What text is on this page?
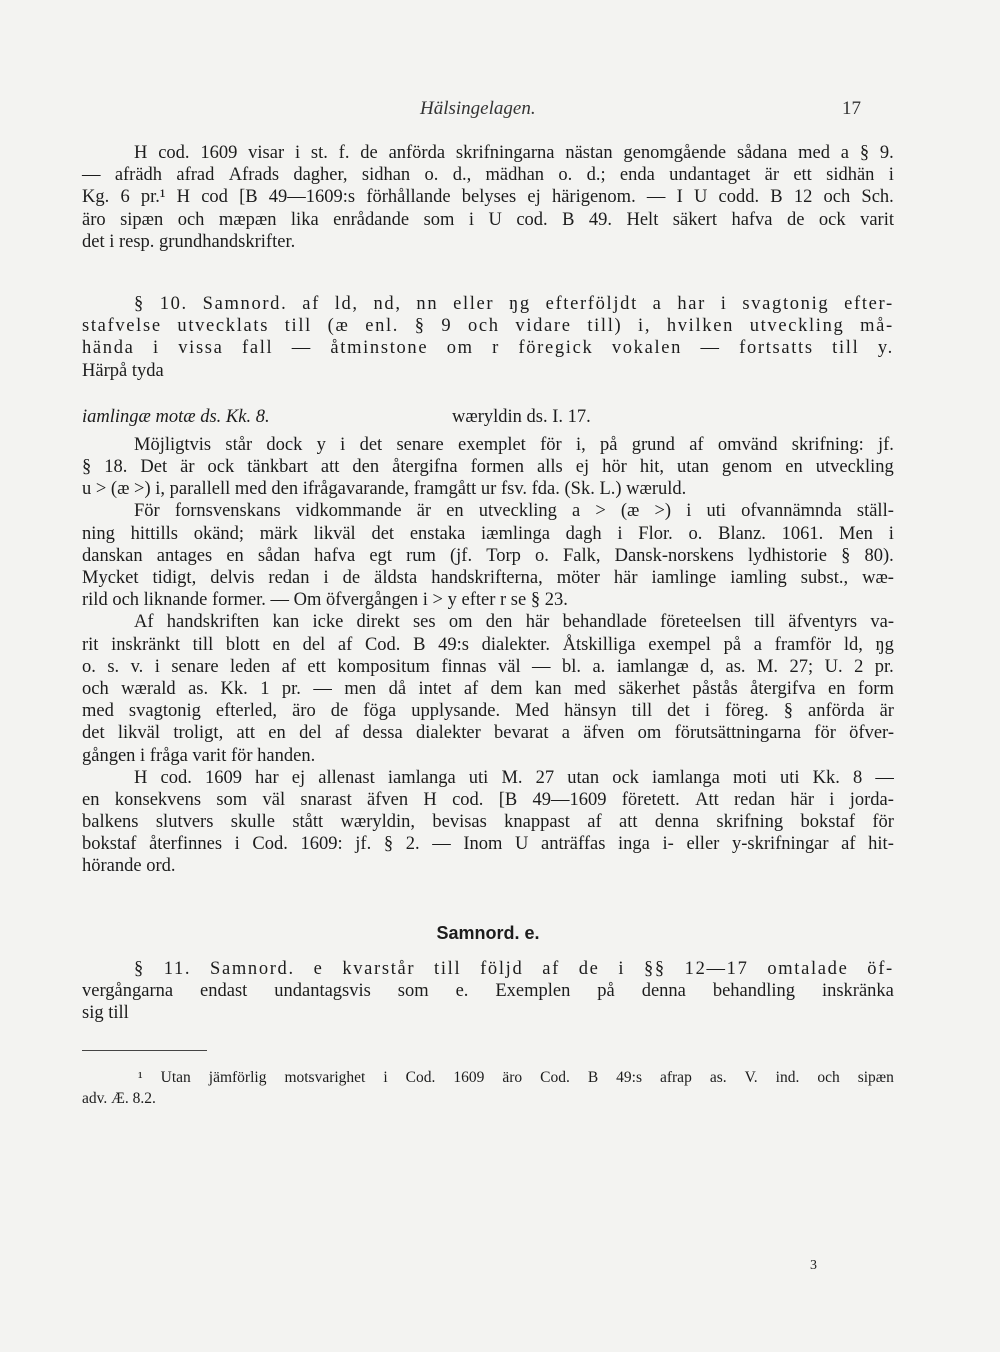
Hälsingelagen.	17
H cod. 1609 visar i st. f. de anförda skrifningarna nästan genomgående sådana med a § 9.
— afrädh afrad Afrads dagher, sidhan o. d., mädhan o. d.; enda undantaget är ett sidhän i
Kg. 6 pr.¹ H cod [B 49—1609:s förhållande belyses ej härigenom. — I U codd. B 12 och Sch.
äro sipæn och mæpæn lika enrådande som i U cod. B 49. Helt säkert hafva de ock varit
det i resp. grundhandskrifter.
§ 10. Samnord. af ld, nd, nn eller ŋg efterföljdt a har i svagtonig efter-
stafvelse utvecklats till (æ enl. § 9 och vidare till) i, hvilken utveckling må-
hända i vissa fall — åtminstone om r föregick vokalen — fortsatts till y.
Härpå tyda
iamlingæ motæ ds. Kk. 8.	wæryldin ds. I. 17.
Möjligtvis står dock y i det senare exemplet för i, på grund af omvänd skrifning: jf.
§ 18. Det är ock tänkbart att den återgifna formen alls ej hör hit, utan genom en utveckling
u > (æ >) i, parallell med den ifrågavarande, framgått ur fsv. fda. (Sk. L.) wæruld.
För fornsvenskans vidkommande är en utveckling a > (æ >) i uti ofvannämnda ställ-
ning hittills okänd; märk likväl det enstaka iæmlinga dagh i Flor. o. Blanz. 1061. Men i
danskan antages en sådan hafva egt rum (jf. Torp o. Falk, Dansk-norskens lydhistorie § 80).
Mycket tidigt, delvis redan i de äldsta handskrifterna, möter här iamlinge iamling subst., wæ-
rild och liknande former. — Om öfvergången i > y efter r se § 23.
Af handskriften kan icke direkt ses om den här behandlade företeelsen till äfventyrs va-
rit inskränkt till blott en del af Cod. B 49:s dialekter. Åtskilliga exempel på a framför ld, ŋg
o. s. v. i senare leden af ett kompositum finnas väl — bl. a. iamlangæ d, as. M. 27; U. 2 pr.
och wærald as. Kk. 1 pr. — men då intet af dem kan med säkerhet påstås återgifva en form
med svagtonig efterled, äro de föga upplysande. Med hänsyn till det i föreg. § anförda är
det likväl troligt, att en del af dessa dialekter bevarat a äfven om förutsättningarna för öfver-
gången i fråga varit för handen.
H cod. 1609 har ej allenast iamlanga uti M. 27 utan ock iamlanga moti uti Kk. 8 —
en konsekvens som väl snarast äfven H cod. [B 49—1609 företett. Att redan här i jorda-
balkens slutvers skulle stått wæryldin, bevisas knappast af att denna skrifning bokstaf för
bokstaf återfinnes i Cod. 1609: jf. § 2. — Inom U anträffas inga i- eller y-skrifningar af hit-
hörande ord.
Samnord. e.
§ 11. Samnord. e kvarstår till följd af de i §§ 12—17 omtalade öf-
vergångarna endast undantagsvis som e. Exemplen på denna behandling inskränka
sig till
¹ Utan jämförlig motsvarighet i Cod. 1609 äro Cod. B 49:s afrap as. V. ind. och sipæn
adv. Æ. 8.2.
3
